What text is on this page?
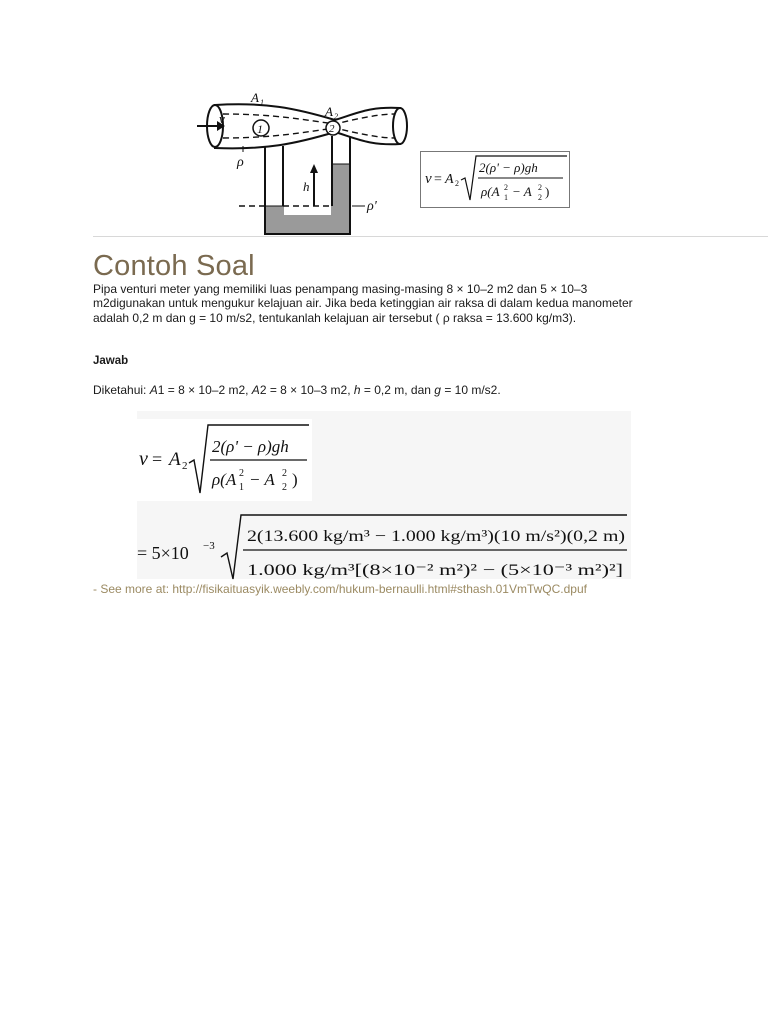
A 1
A 2
v
1	2
ρ
h
ρ'
v = A 2
2(ρ' − ρ)gh
ρ(A 1
2 − A 2
2 )
Contoh Soal

Pipa venturi meter yang memiliki luas penampang masing-masing 8 × 10–2 m2 dan 5 × 10–3 m2digunakan untuk mengukur kelajuan air. Jika beda ketinggian air raksa di dalam kedua manometer adalah 0,2 m dan g = 10 m/s2, tentukanlah kelajuan air tersebut ( ρ raksa = 13.600 kg/m3).

Jawab

Diketahui: A1 = 8 × 10–2 m2, A2 = 8 × 10–3 m2, h = 0,2 m, dan g = 10 m/s2.

v = A 2
2(ρ' − ρ)gh
ρ(A 1
2 − A 2
2 )
= 5×10 −3
2(13.600 kg/m³ − 1.000 kg/m³)(10 m/s²)(0,2 m)
1.000 kg/m³[(8×10⁻² m²)² − (5×10⁻³ m²)²]
- See more at: http://fisikaituasyik.weebly.com/hukum-bernaulli.html#sthash.01VmTwQC.dpuf
